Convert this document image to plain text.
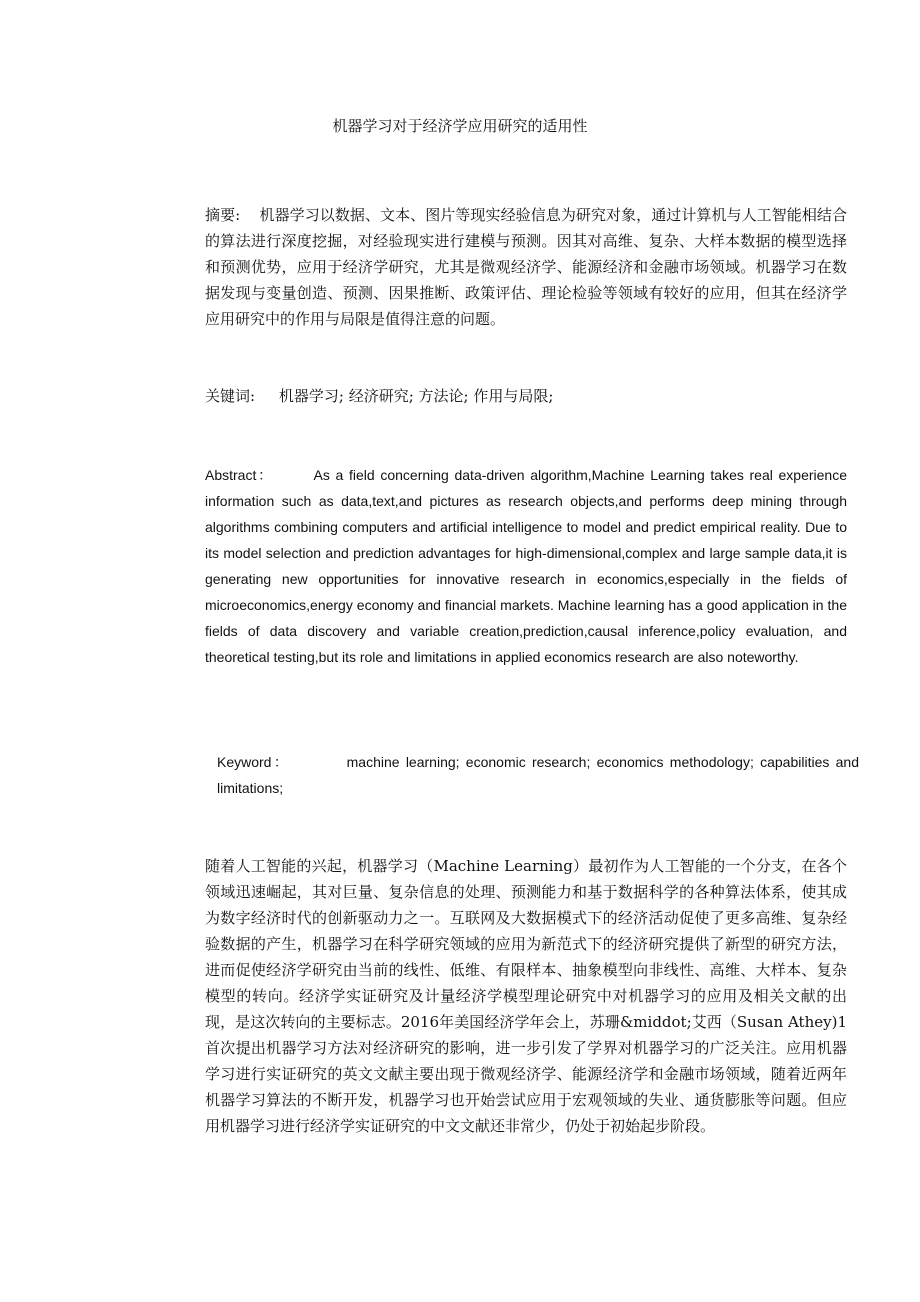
机器学习对于经济学应用研究的适用性
摘要: 机器学习以数据、文本、图片等现实经验信息为研究对象，通过计算机与人工智能相结合的算法进行深度挖掘，对经验现实进行建模与预测。因其对高维、复杂、大样本数据的模型选择和预测优势，应用于经济学研究，尤其是微观经济学、能源经济和金融市场领域。机器学习在数据发现与变量创造、预测、因果推断、政策评估、理论检验等领域有较好的应用，但其在经济学应用研究中的作用与局限是值得注意的问题。
关键词: 机器学习; 经济研究; 方法论; 作用与局限;
Abstract：	As a field concerning data-driven algorithm,Machine Learning takes real experience information such as data,text,and pictures as research objects,and performs deep mining through algorithms combining computers and artificial intelligence to model and predict empirical reality. Due to its model selection and prediction advantages for high-dimensional,complex and large sample data,it is generating new opportunities for innovative research in economics,especially in the fields of microeconomics,energy economy and financial markets. Machine learning has a good application in the fields of data discovery and variable creation,prediction,causal inference,policy evaluation, and theoretical testing,but its role and limitations in applied economics research are also noteworthy.
Keyword：	machine learning; economic research; economics methodology; capabilities and limitations;
随着人工智能的兴起，机器学习（Machine Learning）最初作为人工智能的一个分支，在各个领域迅速崛起，其对巨量、复杂信息的处理、预测能力和基于数据科学的各种算法体系，使其成为数字经济时代的创新驱动力之一。互联网及大数据模式下的经济活动促使了更多高维、复杂经验数据的产生，机器学习在科学研究领域的应用为新范式下的经济研究提供了新型的研究方法，进而促使经济学研究由当前的线性、低维、有限样本、抽象模型向非线性、高维、大样本、复杂模型的转向。经济学实证研究及计量经济学模型理论研究中对机器学习的应用及相关文献的出现，是这次转向的主要标志。2016年美国经济学年会上，苏珊&middot;艾西（Susan Athey)1首次提出机器学习方法对经济研究的影响，进一步引发了学界对机器学习的广泛关注。应用机器学习进行实证研究的英文文献主要出现于微观经济学、能源经济学和金融市场领域，随着近两年机器学习算法的不断开发，机器学习也开始尝试应用于宏观领域的失业、通货膨胀等问题。但应用机器学习进行经济学实证研究的中文文献还非常少，仍处于初始起步阶段。
